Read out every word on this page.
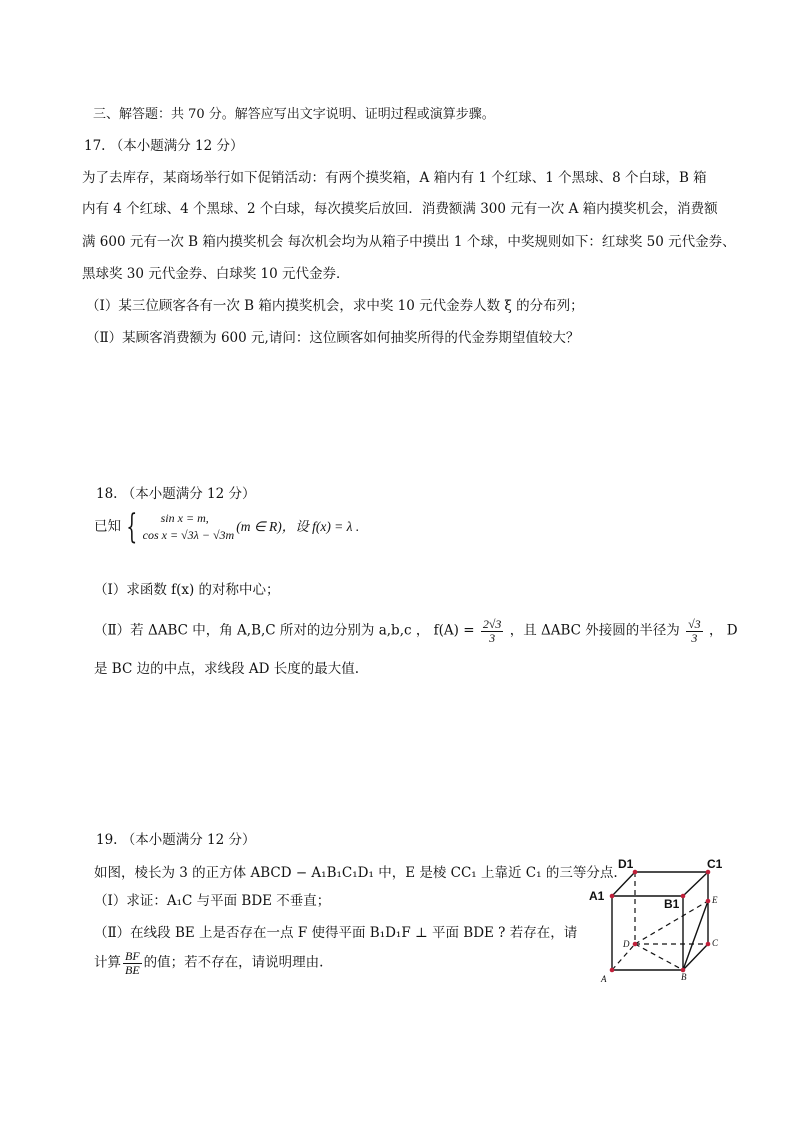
三、解答题：共 70 分。解答应写出文字说明、证明过程或演算步骤。
17. （本小题满分 12 分）
为了去库存，某商场举行如下促销活动：有两个摸奖箱，A 箱内有 1 个红球、1 个黑球、8 个白球，B 箱
内有 4 个红球、4 个黑球、2 个白球，每次摸奖后放回．消费额满 300 元有一次 A 箱内摸奖机会，消费额
满 600 元有一次 B 箱内摸奖机会 每次机会均为从箱子中摸出 1 个球，中奖规则如下：红球奖 50 元代金券、
黑球奖 30 元代金券、白球奖 10 元代金券．
（Ⅰ）某三位顾客各有一次 B 箱内摸奖机会，求中奖 10 元代金券人数 ξ 的分布列；
（Ⅱ）某顾客消费额为 600 元,请问：这位顾客如何抽奖所得的代金券期望值较大？
18. （本小题满分 12 分）
已知 {	sin x = m,
cos x = √3λ − √3m
(m ∈ R)，设 f(x) = λ .
（Ⅰ）求函数 f(x) 的对称中心；
（Ⅱ）若 ΔABC 中，角 A,B,C 所对的边分别为 a,b,c ， $f(A) = \frac{2√3}{3}$ ，且 ΔABC 外接圆的半径为 $\frac{√3}{3}$ ， D
是 BC 边的中点，求线段 AD 长度的最大值.
19. （本小题满分 12 分）
如图，棱长为 3 的正方体 ABCD − A₁B₁C₁D₁ 中，E 是棱 CC₁ 上靠近 C₁ 的三等分点.
（Ⅰ）求证：A₁C 与平面 BDE 不垂直；
（Ⅱ）在线段 BE 上是否存在一点 F 使得平面 B₁D₁F ⊥ 平面 BDE ? 若存在，请
计算 $\frac{BF}{BE}$ 的值；若不存在，请说明理由.
D1	C1
A1
B1	E
D	C
A	B
